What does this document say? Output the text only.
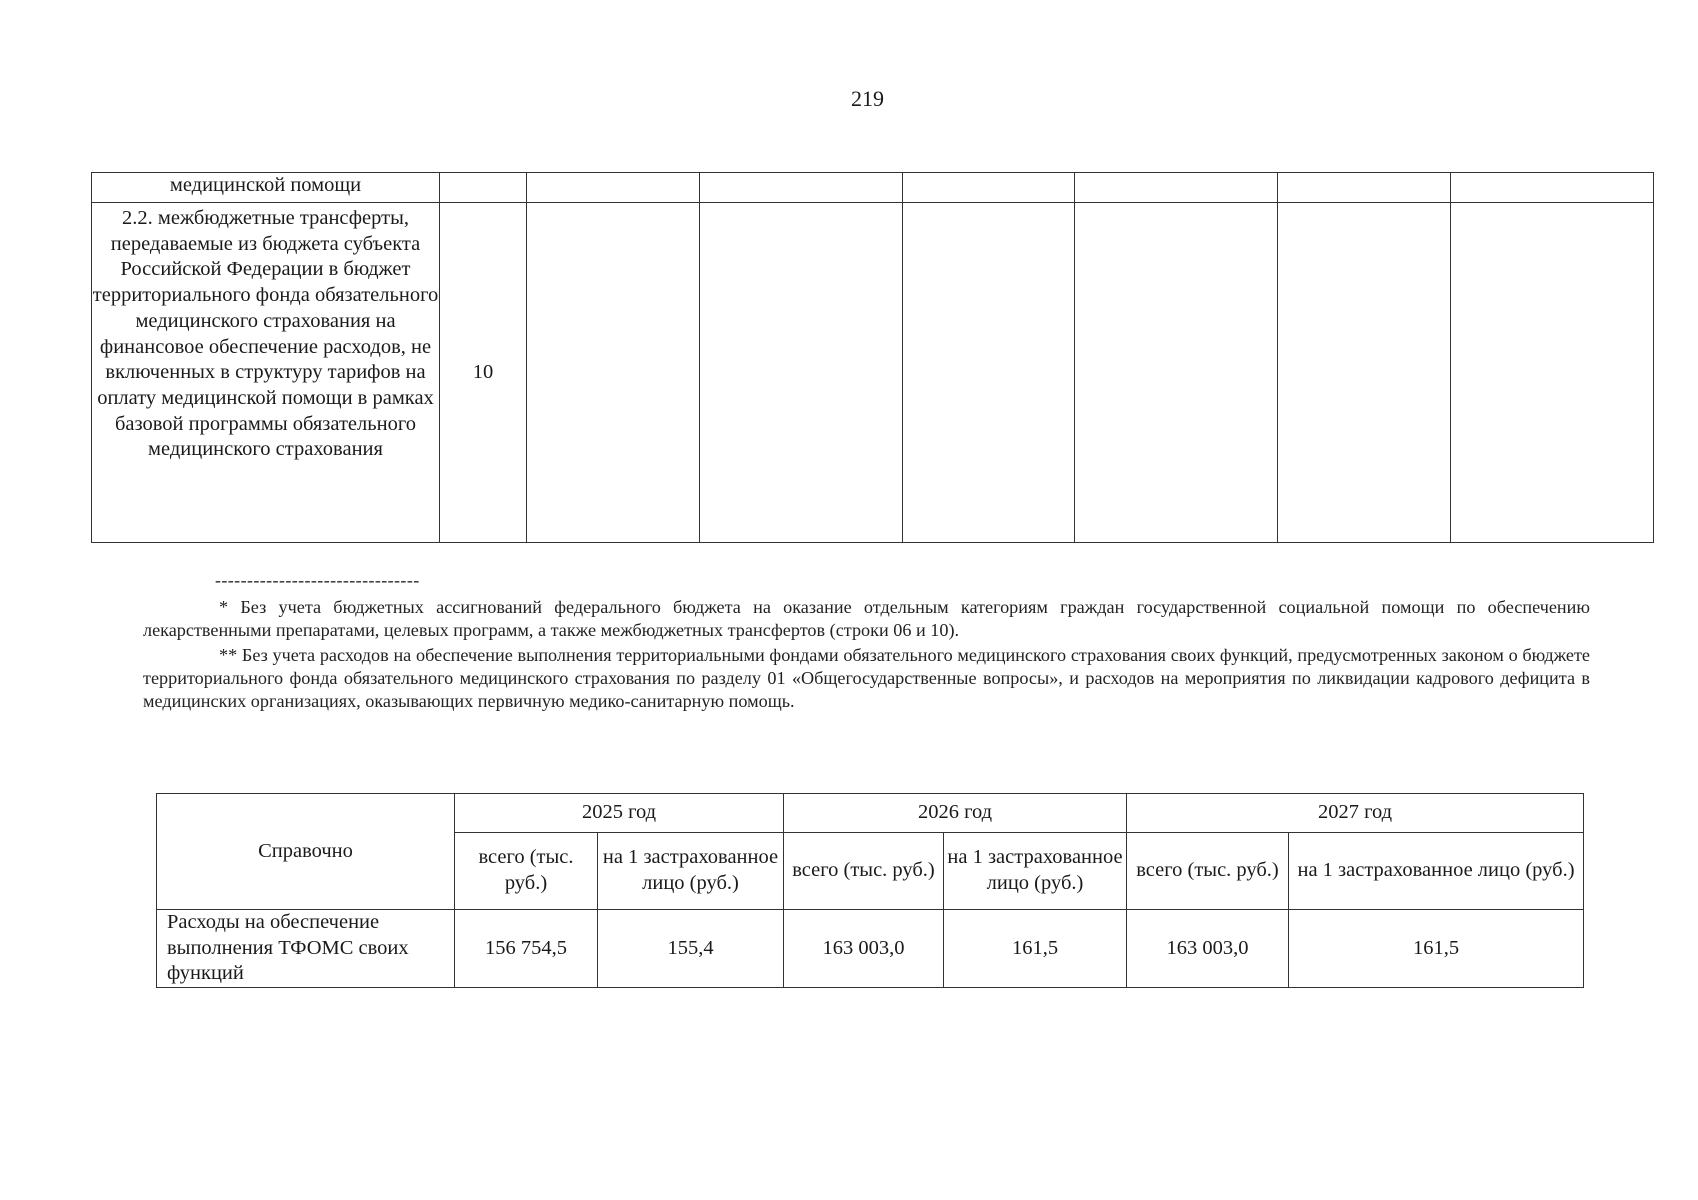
219
медицинской помощи							
2.2. межбюджетные трансферты, передаваемые из бюджета субъекта Российской Федерации в бюджет территориального фонда обязательного медицинского страхования на финансовое обеспечение расходов, не включенных в структуру тарифов на оплату медицинской помощи в рамках базовой программы обязательного медицинского страхования	10						
--------------------------------
* Без учета бюджетных ассигнований федерального бюджета на оказание отдельным категориям граждан государственной социальной помощи по обеспечению лекарственными препаратами, целевых программ, а также межбюджетных трансфертов (строки 06 и 10).
** Без учета расходов на обеспечение выполнения территориальными фондами обязательного медицинского страхования своих функций, предусмотренных законом о бюджете территориального фонда обязательного медицинского страхования по разделу 01 «Общегосударственные вопросы», и расходов на мероприятия по ликвидации кадрового дефицита в медицинских организациях, оказывающих первичную медико-санитарную помощь.
Справочно	2025 год		2026 год		2027 год	
	всего (тыс. руб.)	на 1 застрахованное лицо (руб.)	всего (тыс. руб.)	на 1 застрахованное лицо (руб.)	всего (тыс. руб.)	на 1 застрахованное лицо (руб.)
Расходы на обеспечение выполнения ТФОМС своих функций	156 754,5	155,4	163 003,0	161,5	163 003,0	161,5
